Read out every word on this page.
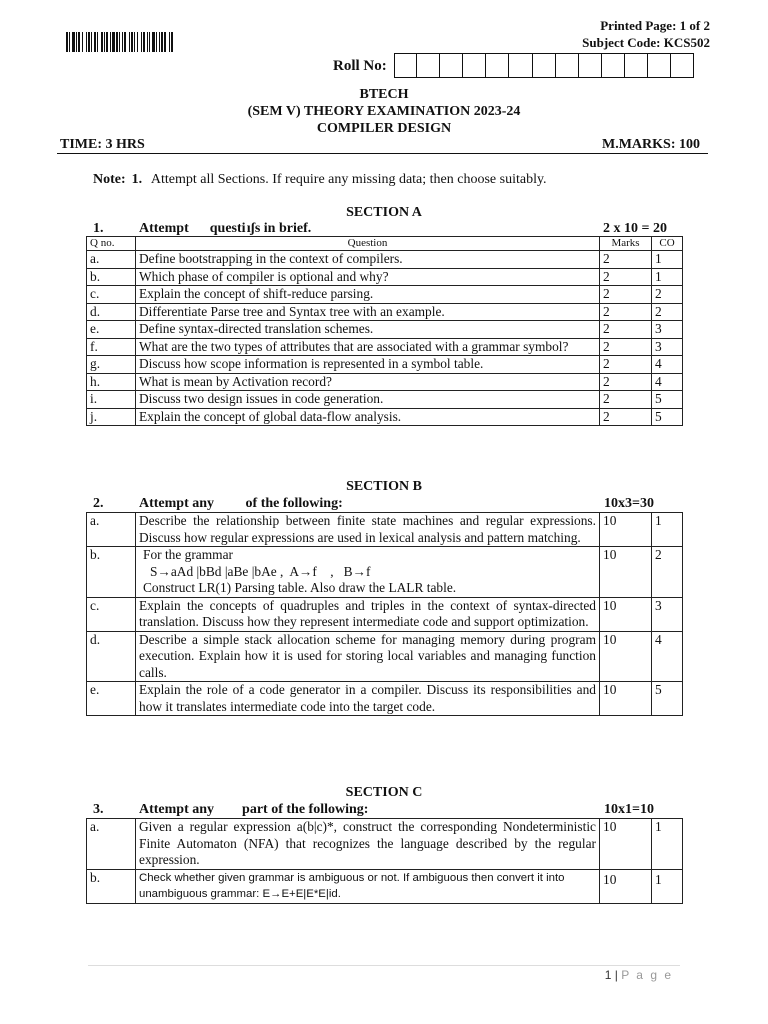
Printed Page: 1 of 2
Subject Code: KCS502
Roll No:
BTECH
(SEM V) THEORY EXAMINATION 2023-24
COMPILER DESIGN
TIME: 3 HRS	M.MARKS: 100
Note: 1. Attempt all Sections. If require any missing data; then choose suitably.
SECTION A
1.	Attempt      questi ıʃs in brief.	2 x 10 = 20
Q no.	Question	Marks	CO
a.	Define bootstrapping in the context of compilers.	2	1
b.	Which phase of compiler is optional and why?	2	1
c.	Explain the concept of shift-reduce parsing.	2	2
d.	Differentiate Parse tree and Syntax tree with an example.	2	2
e.	Define syntax-directed translation schemes.	2	3
f.	What are the two types of attributes that are associated with a grammar symbol?	2	3
g.	Discuss how scope information is represented in a symbol table.	2	4
h.	What is mean by Activation record?	2	4
i.	Discuss two design issues in code generation.	2	5
j.	Explain the concept of global data-flow analysis.	2	5
SECTION B
2.	Attempt any         of the following:	10x3=30
a.	Describe the relationship between finite state machines and regular expressions. Discuss how regular expressions are used in lexical analysis and pattern matching.	10	1
b.	For the grammar
S→aAd |bBd |aBe |bAe ,  A→f    ,   B→f
Construct LR(1) Parsing table. Also draw the LALR table.	10	2
c.	Explain the concepts of quadruples and triples in the context of syntax-directed translation. Discuss how they represent intermediate code and support optimization.	10	3
d.	Describe a simple stack allocation scheme for managing memory during program execution. Explain how it is used for storing local variables and managing function calls.	10	4
e.	Explain the role of a code generator in a compiler. Discuss its responsibilities and how it translates intermediate code into the target code.	10	5
SECTION C
3.	Attempt any        part of the following:	10x1=10
a.	Given a regular expression a(b|c)*, construct the corresponding Nondeterministic Finite Automaton (NFA) that recognizes the language described by the regular expression.	10	1
b.	Check whether given grammar is ambiguous or not. If ambiguous then convert it into unambiguous grammar: E→E+E|E*E|id.	10	1
1 | P a g e
